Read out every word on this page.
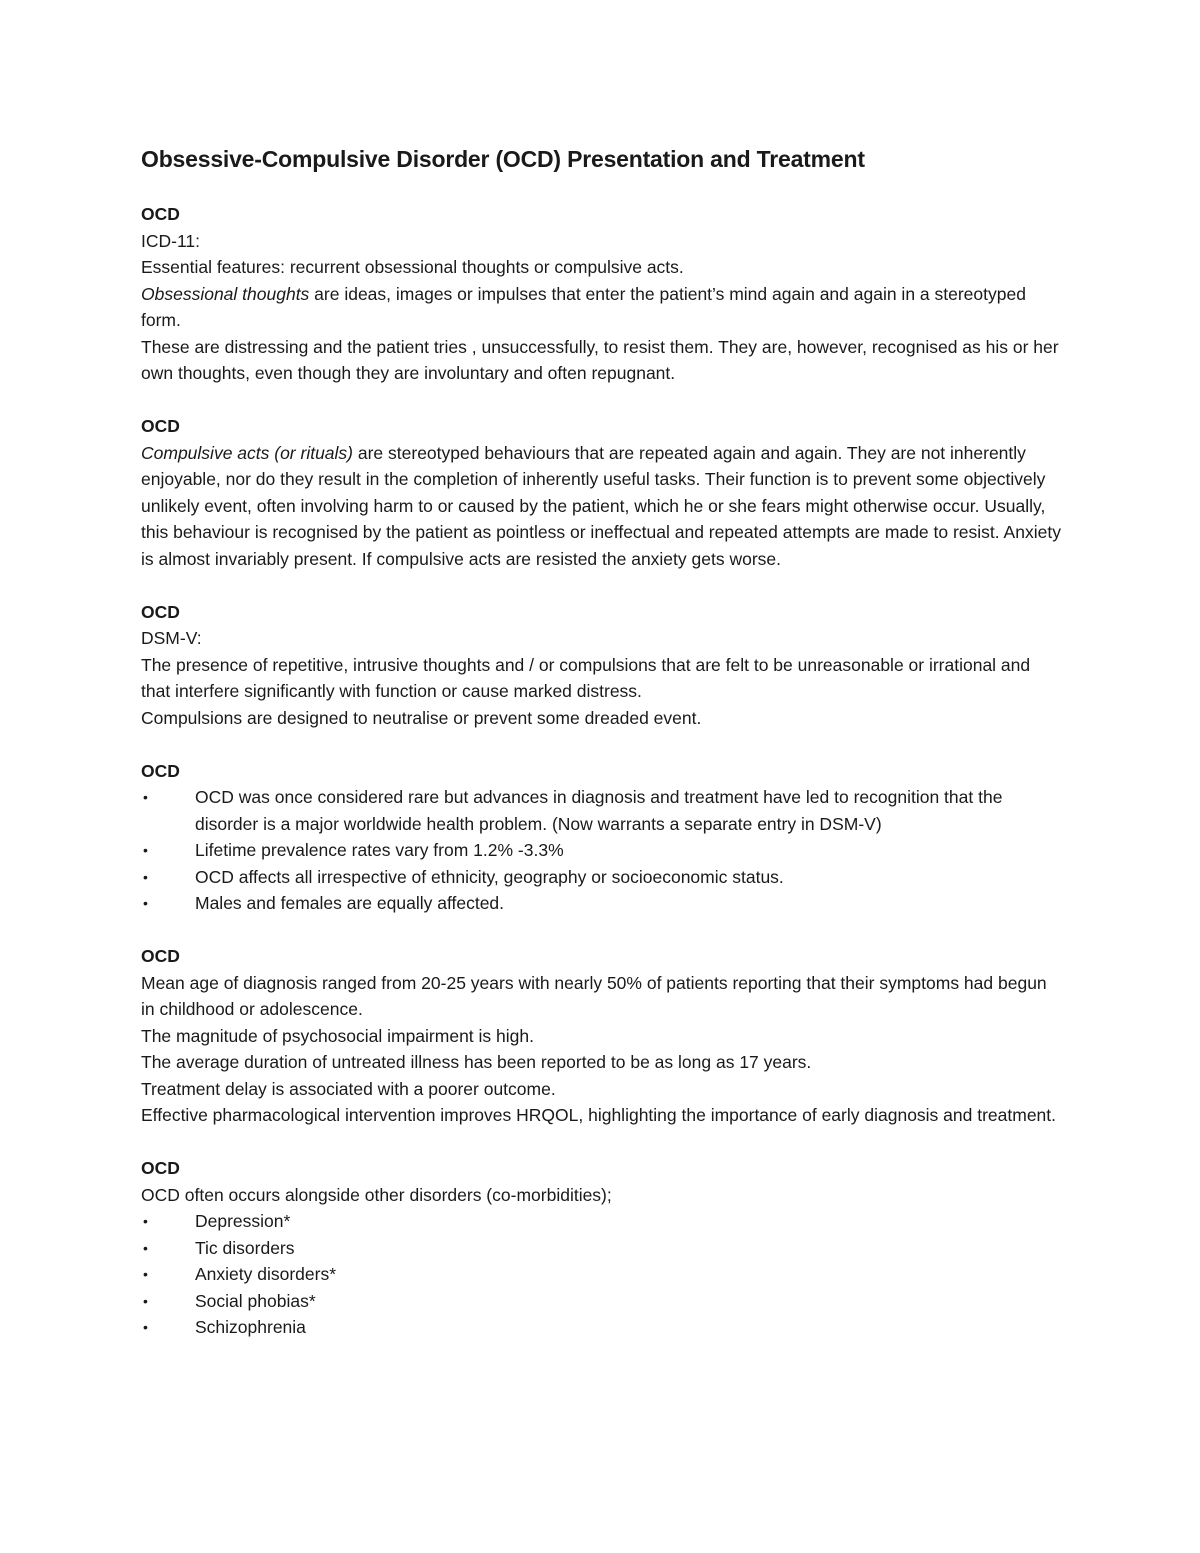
Obsessive-Compulsive Disorder (OCD) Presentation and Treatment

OCD

ICD-11:

Essential features: recurrent obsessional thoughts or compulsive acts.

Obsessional thoughts are ideas, images or impulses that enter the patient’s mind again and again in a stereotyped form.

These are distressing and the patient tries , unsuccessfully, to resist them. They are, however, recognised as his or her own thoughts, even though they are involuntary and often repugnant.

OCD

Compulsive acts (or rituals) are stereotyped behaviours that are repeated again and again. They are not inherently enjoyable, nor do they result in the completion of inherently useful tasks. Their function is to prevent some objectively unlikely event, often involving harm to or caused by the patient, which he or she fears might otherwise occur. Usually, this behaviour is recognised by the patient as pointless or ineffectual and repeated attempts are made to resist. Anxiety is almost invariably present. If compulsive acts are resisted the anxiety gets worse.

OCD

DSM-V:

The presence of repetitive, intrusive thoughts and / or compulsions that are felt to be unreasonable or irrational and that interfere significantly with function or cause marked distress.

Compulsions are designed to neutralise or prevent some dreaded event.

OCD

•	OCD was once considered rare but advances in diagnosis and treatment have led to recognition that the disorder is a major worldwide health problem. (Now warrants a separate entry in DSM-V)
•	Lifetime prevalence rates vary from 1.2% -3.3%
•	OCD affects all irrespective of ethnicity, geography or socioeconomic status.
•	Males and females are equally affected.

OCD

Mean age of diagnosis ranged from 20-25 years with nearly 50% of patients reporting that their symptoms had begun in childhood or adolescence.

The magnitude of psychosocial impairment is high.

The average duration of untreated illness has been reported to be as long as 17 years.

Treatment delay is associated with a poorer outcome.

Effective pharmacological intervention improves HRQOL, highlighting the importance of early diagnosis and treatment.

OCD

OCD often occurs alongside other disorders (co-morbidities);

•	Depression*
•	Tic disorders
•	Anxiety disorders*
•	Social phobias*
•	Schizophrenia
